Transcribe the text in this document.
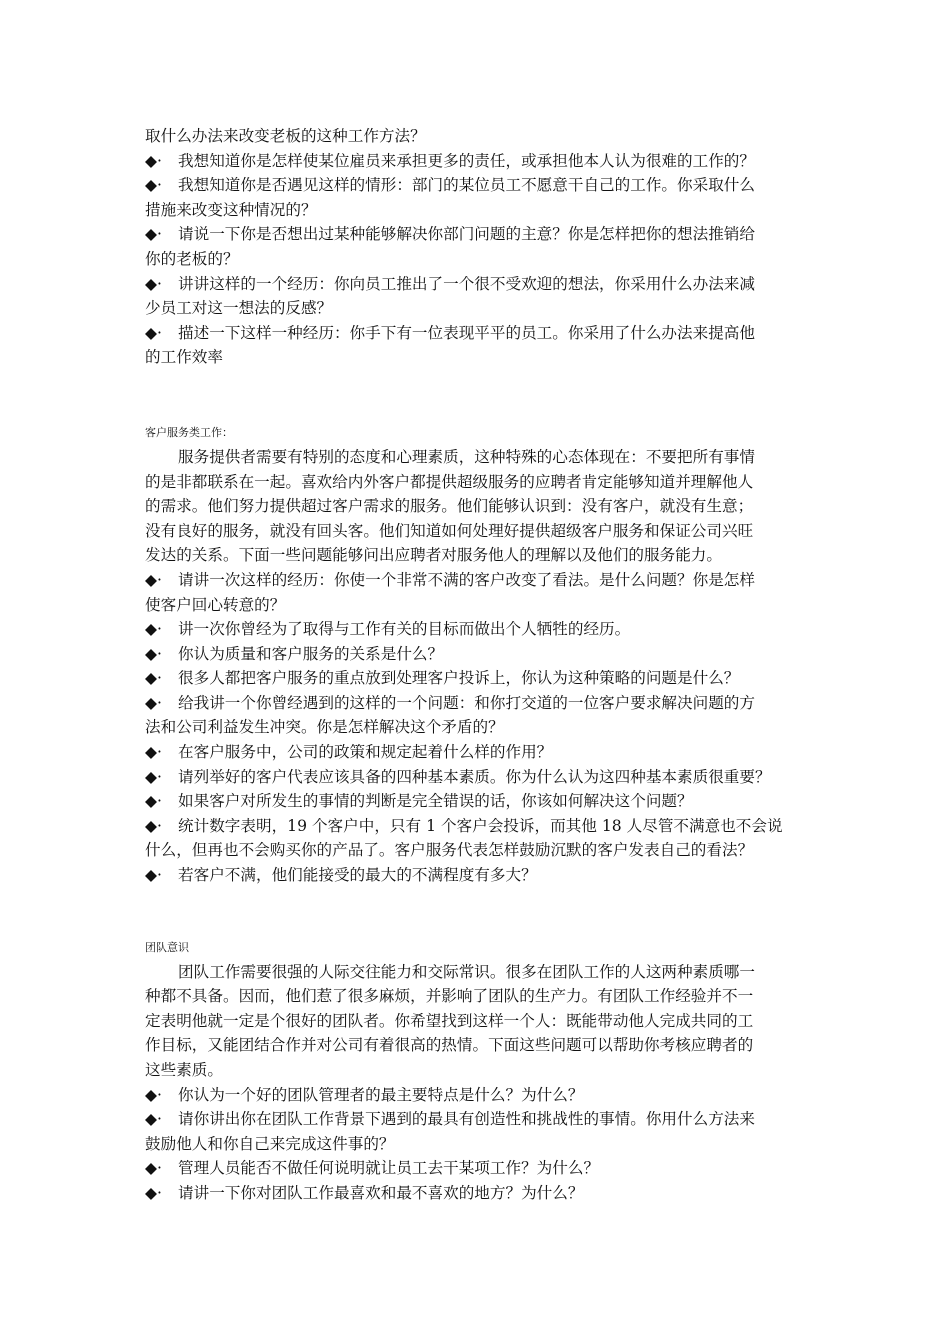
取什么办法来改变老板的这种工作方法？
◆· 我想知道你是怎样使某位雇员来承担更多的责任，或承担他本人认为很难的工作的？
◆· 我想知道你是否遇见这样的情形：部门的某位员工不愿意干自己的工作。你采取什么
措施来改变这种情况的？
◆· 请说一下你是否想出过某种能够解决你部门问题的主意？你是怎样把你的想法推销给
你的老板的？
◆· 讲讲这样的一个经历：你向员工推出了一个很不受欢迎的想法，你采用什么办法来减
少员工对这一想法的反感？
◆· 描述一下这样一种经历：你手下有一位表现平平的员工。你采用了什么办法来提高他
的工作效率
客户服务类工作：
服务提供者需要有特别的态度和心理素质，这种特殊的心态体现在：不要把所有事情
的是非都联系在一起。喜欢给内外客户都提供超级服务的应聘者肯定能够知道并理解他人
的需求。他们努力提供超过客户需求的服务。他们能够认识到：没有客户，就没有生意；
没有良好的服务，就没有回头客。他们知道如何处理好提供超级客户服务和保证公司兴旺
发达的关系。下面一些问题能够问出应聘者对服务他人的理解以及他们的服务能力。
◆· 请讲一次这样的经历：你使一个非常不满的客户改变了看法。是什么问题？你是怎样
使客户回心转意的？
◆· 讲一次你曾经为了取得与工作有关的目标而做出个人牺牲的经历。
◆· 你认为质量和客户服务的关系是什么？
◆· 很多人都把客户服务的重点放到处理客户投诉上，你认为这种策略的问题是什么？
◆· 给我讲一个你曾经遇到的这样的一个问题：和你打交道的一位客户要求解决问题的方
法和公司利益发生冲突。你是怎样解决这个矛盾的？
◆· 在客户服务中，公司的政策和规定起着什么样的作用？
◆· 请列举好的客户代表应该具备的四种基本素质。你为什么认为这四种基本素质很重要？
◆· 如果客户对所发生的事情的判断是完全错误的话，你该如何解决这个问题？
◆· 统计数字表明，19 个客户中，只有 1 个客户会投诉，而其他 18 人尽管不满意也不会说
什么，但再也不会购买你的产品了。客户服务代表怎样鼓励沉默的客户发表自己的看法？
◆· 若客户不满，他们能接受的最大的不满程度有多大？
团队意识
团队工作需要很强的人际交往能力和交际常识。很多在团队工作的人这两种素质哪一
种都不具备。因而，他们惹了很多麻烦，并影响了团队的生产力。有团队工作经验并不一
定表明他就一定是个很好的团队者。你希望找到这样一个人：既能带动他人完成共同的工
作目标，又能团结合作并对公司有着很高的热情。下面这些问题可以帮助你考核应聘者的
这些素质。
◆· 你认为一个好的团队管理者的最主要特点是什么？为什么？
◆· 请你讲出你在团队工作背景下遇到的最具有创造性和挑战性的事情。你用什么方法来
鼓励他人和你自己来完成这件事的？
◆· 管理人员能否不做任何说明就让员工去干某项工作？为什么？
◆· 请讲一下你对团队工作最喜欢和最不喜欢的地方？为什么？
